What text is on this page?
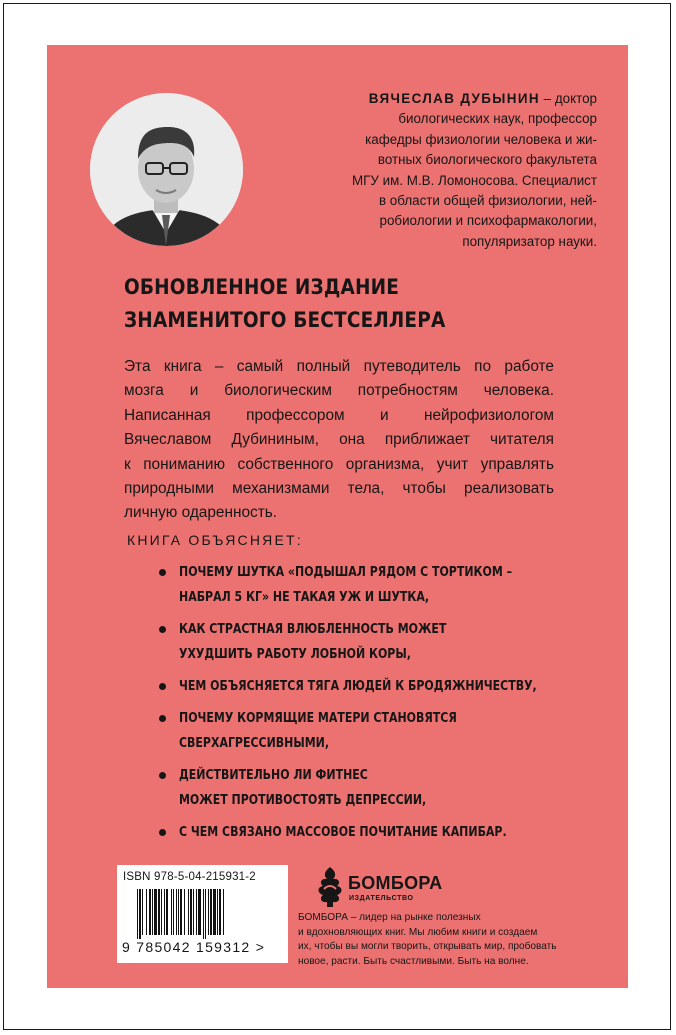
ВЯЧЕСЛАВ ДУБЫНИН – доктор
биологических наук, профессор
кафедры физиологии человека и жи-
вотных биологического факультета
МГУ им. М.В. Ломоносова. Специалист
в области общей физиологии, ней-
робиологии и психофармакологии,
популяризатор науки.
ОБНОВЛЕННОЕ ИЗДАНИЕ
ЗНАМЕНИТОГО БЕСТСЕЛЛЕРА
Эта книга – самый полный путеводитель по работе
мозга и биологическим потребностям человека.
Написанная профессором и нейрофизиологом
Вячеславом Дубининым, она приближает читателя
к пониманию собственного организма, учит управлять
природными механизмами тела, чтобы реализовать
личную одаренность.
КНИГА ОБЪЯСНЯЕТ:
ПОЧЕМУ ШУТКА «ПОДЫШАЛ РЯДОМ С ТОРТИКОМ –
НАБРАЛ 5 КГ» НЕ ТАКАЯ УЖ И ШУТКА,
КАК СТРАСТНАЯ ВЛЮБЛЕННОСТЬ МОЖЕТ
УХУДШИТЬ РАБОТУ ЛОБНОЙ КОРЫ,
ЧЕМ ОБЪЯСНЯЕТСЯ ТЯГА ЛЮДЕЙ К БРОДЯЖНИЧЕСТВУ,
ПОЧЕМУ КОРМЯЩИЕ МАТЕРИ СТАНОВЯТСЯ
СВЕРХАГРЕССИВНЫМИ,
ДЕЙСТВИТЕЛЬНО ЛИ ФИТНЕС
МОЖЕТ ПРОТИВОСТОЯТЬ ДЕПРЕССИИ,
С ЧЕМ СВЯЗАНО МАССОВОЕ ПОЧИТАНИЕ КАПИБАР.
ISBN 978-5-04-215931-2
9 785042 159312 >
БОМБОРА
ИЗДАТЕЛЬСТВО
БОМБОРА – лидер на рынке полезных
и вдохновляющих книг. Мы любим книги и создаем
их, чтобы вы могли творить, открывать мир, пробовать
новое, расти. Быть счастливыми. Быть на волне.
